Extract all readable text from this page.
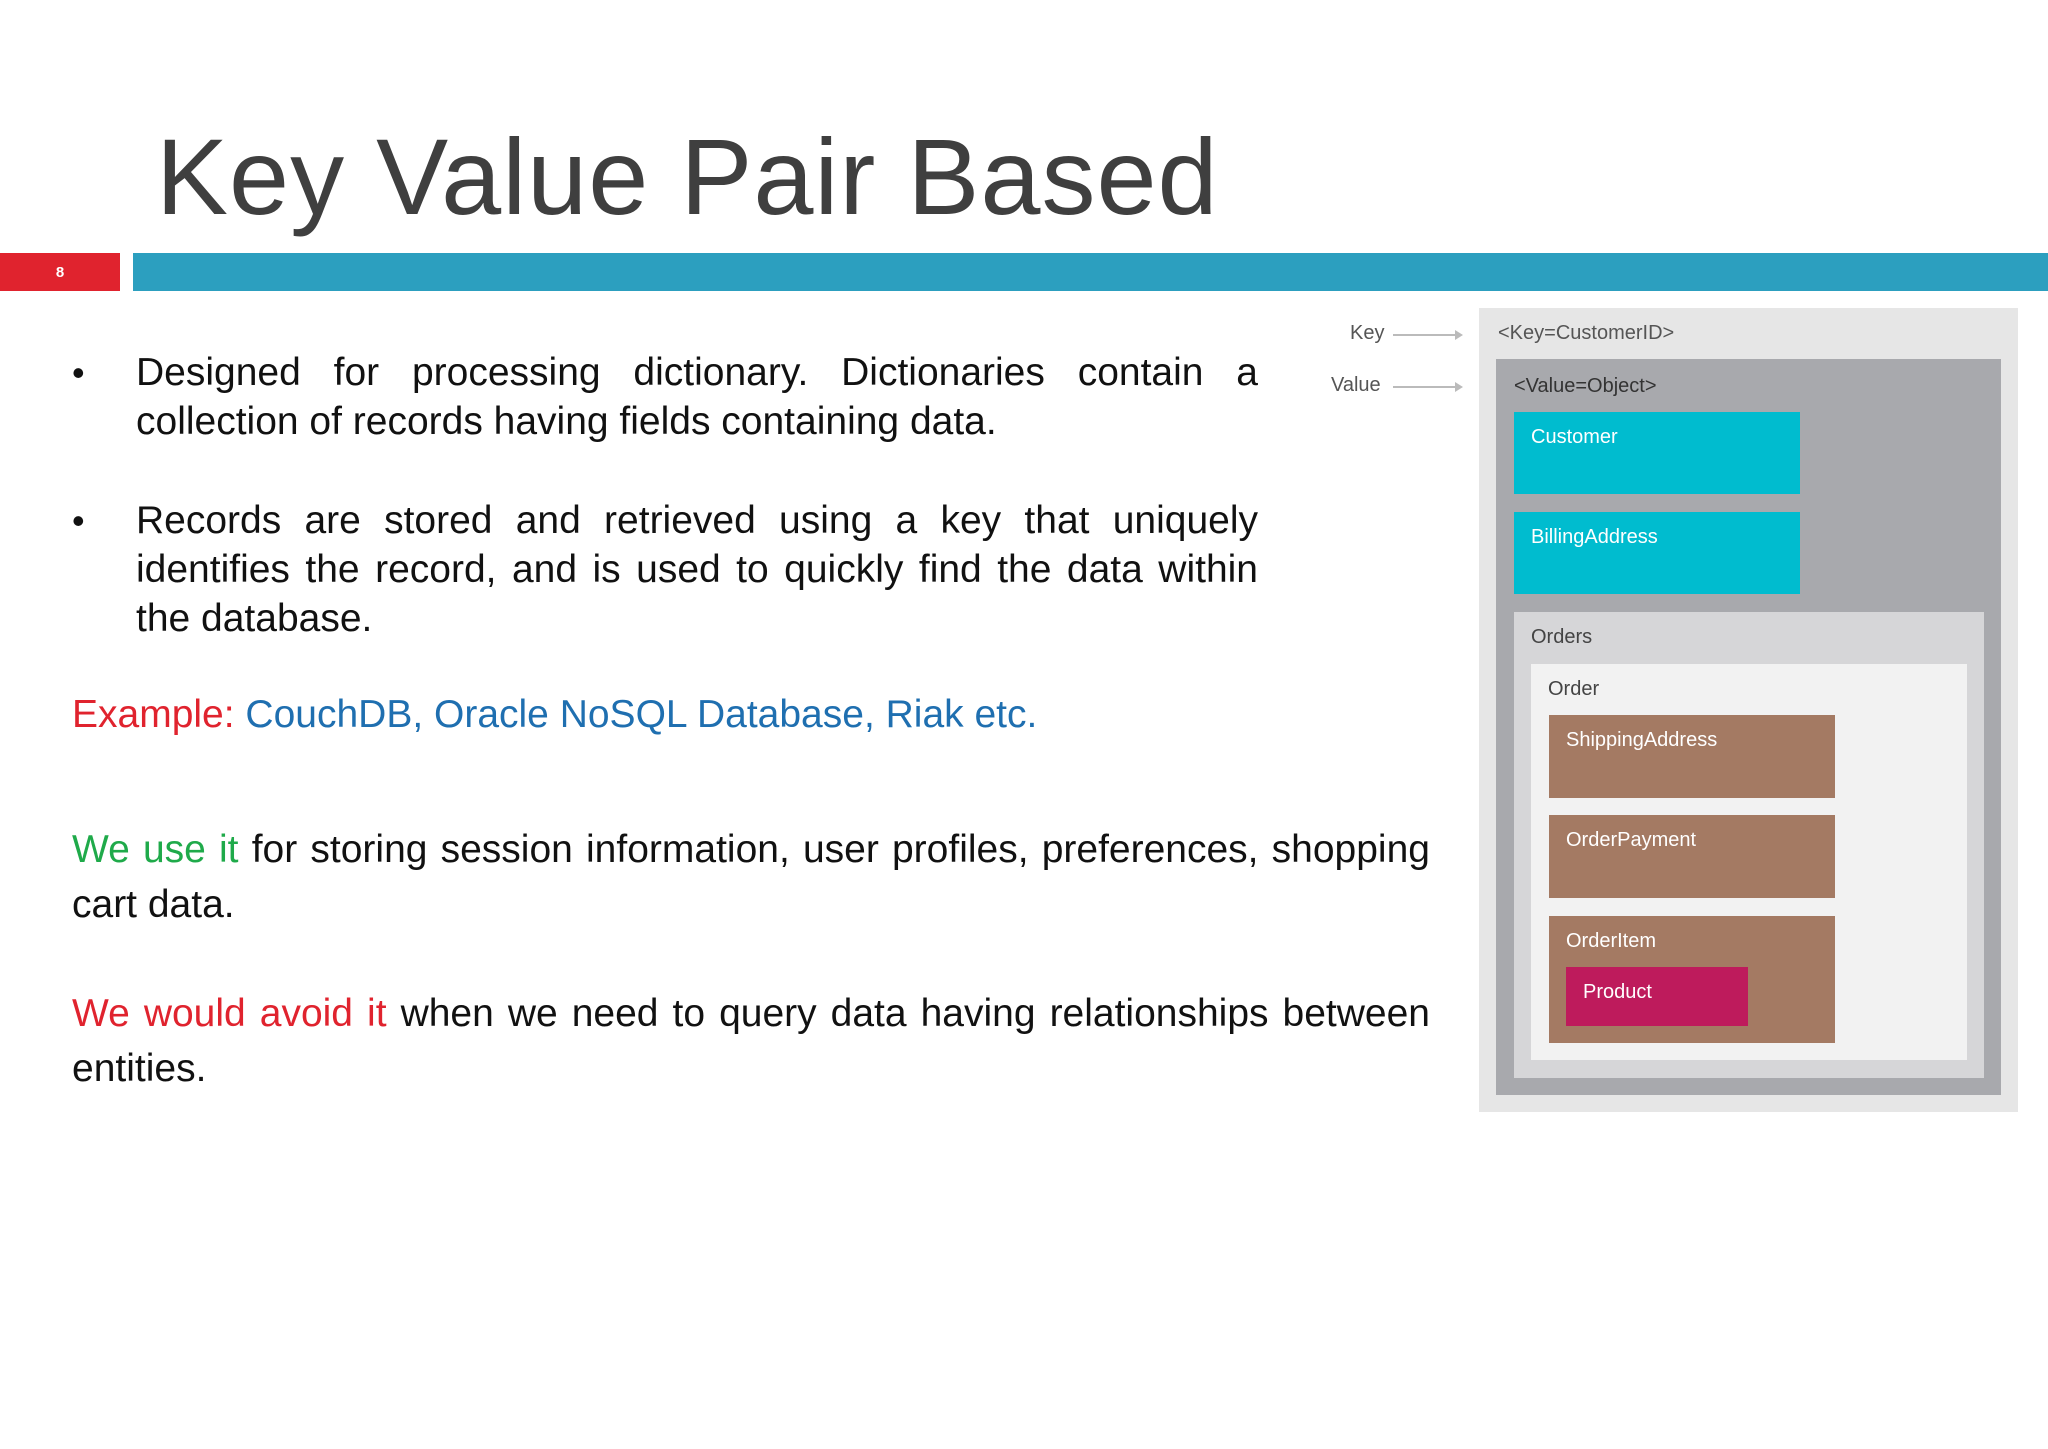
Key Value Pair Based
8
• Designed for processing dictionary. Dictionaries contain a collection of records having fields containing data.
• Records are stored and retrieved using a key that uniquely identifies the record, and is used to quickly find the data within the database.
Example: CouchDB, Oracle NoSQL Database, Riak etc.
We use it for storing session information, user profiles, preferences, shopping cart data.
We would avoid it when we need to query data having relationships between entities.
Key
Value
<Key=CustomerID>
<Value=Object>
Customer
BillingAddress
Orders
Order
ShippingAddress
OrderPayment
OrderItem
Product
